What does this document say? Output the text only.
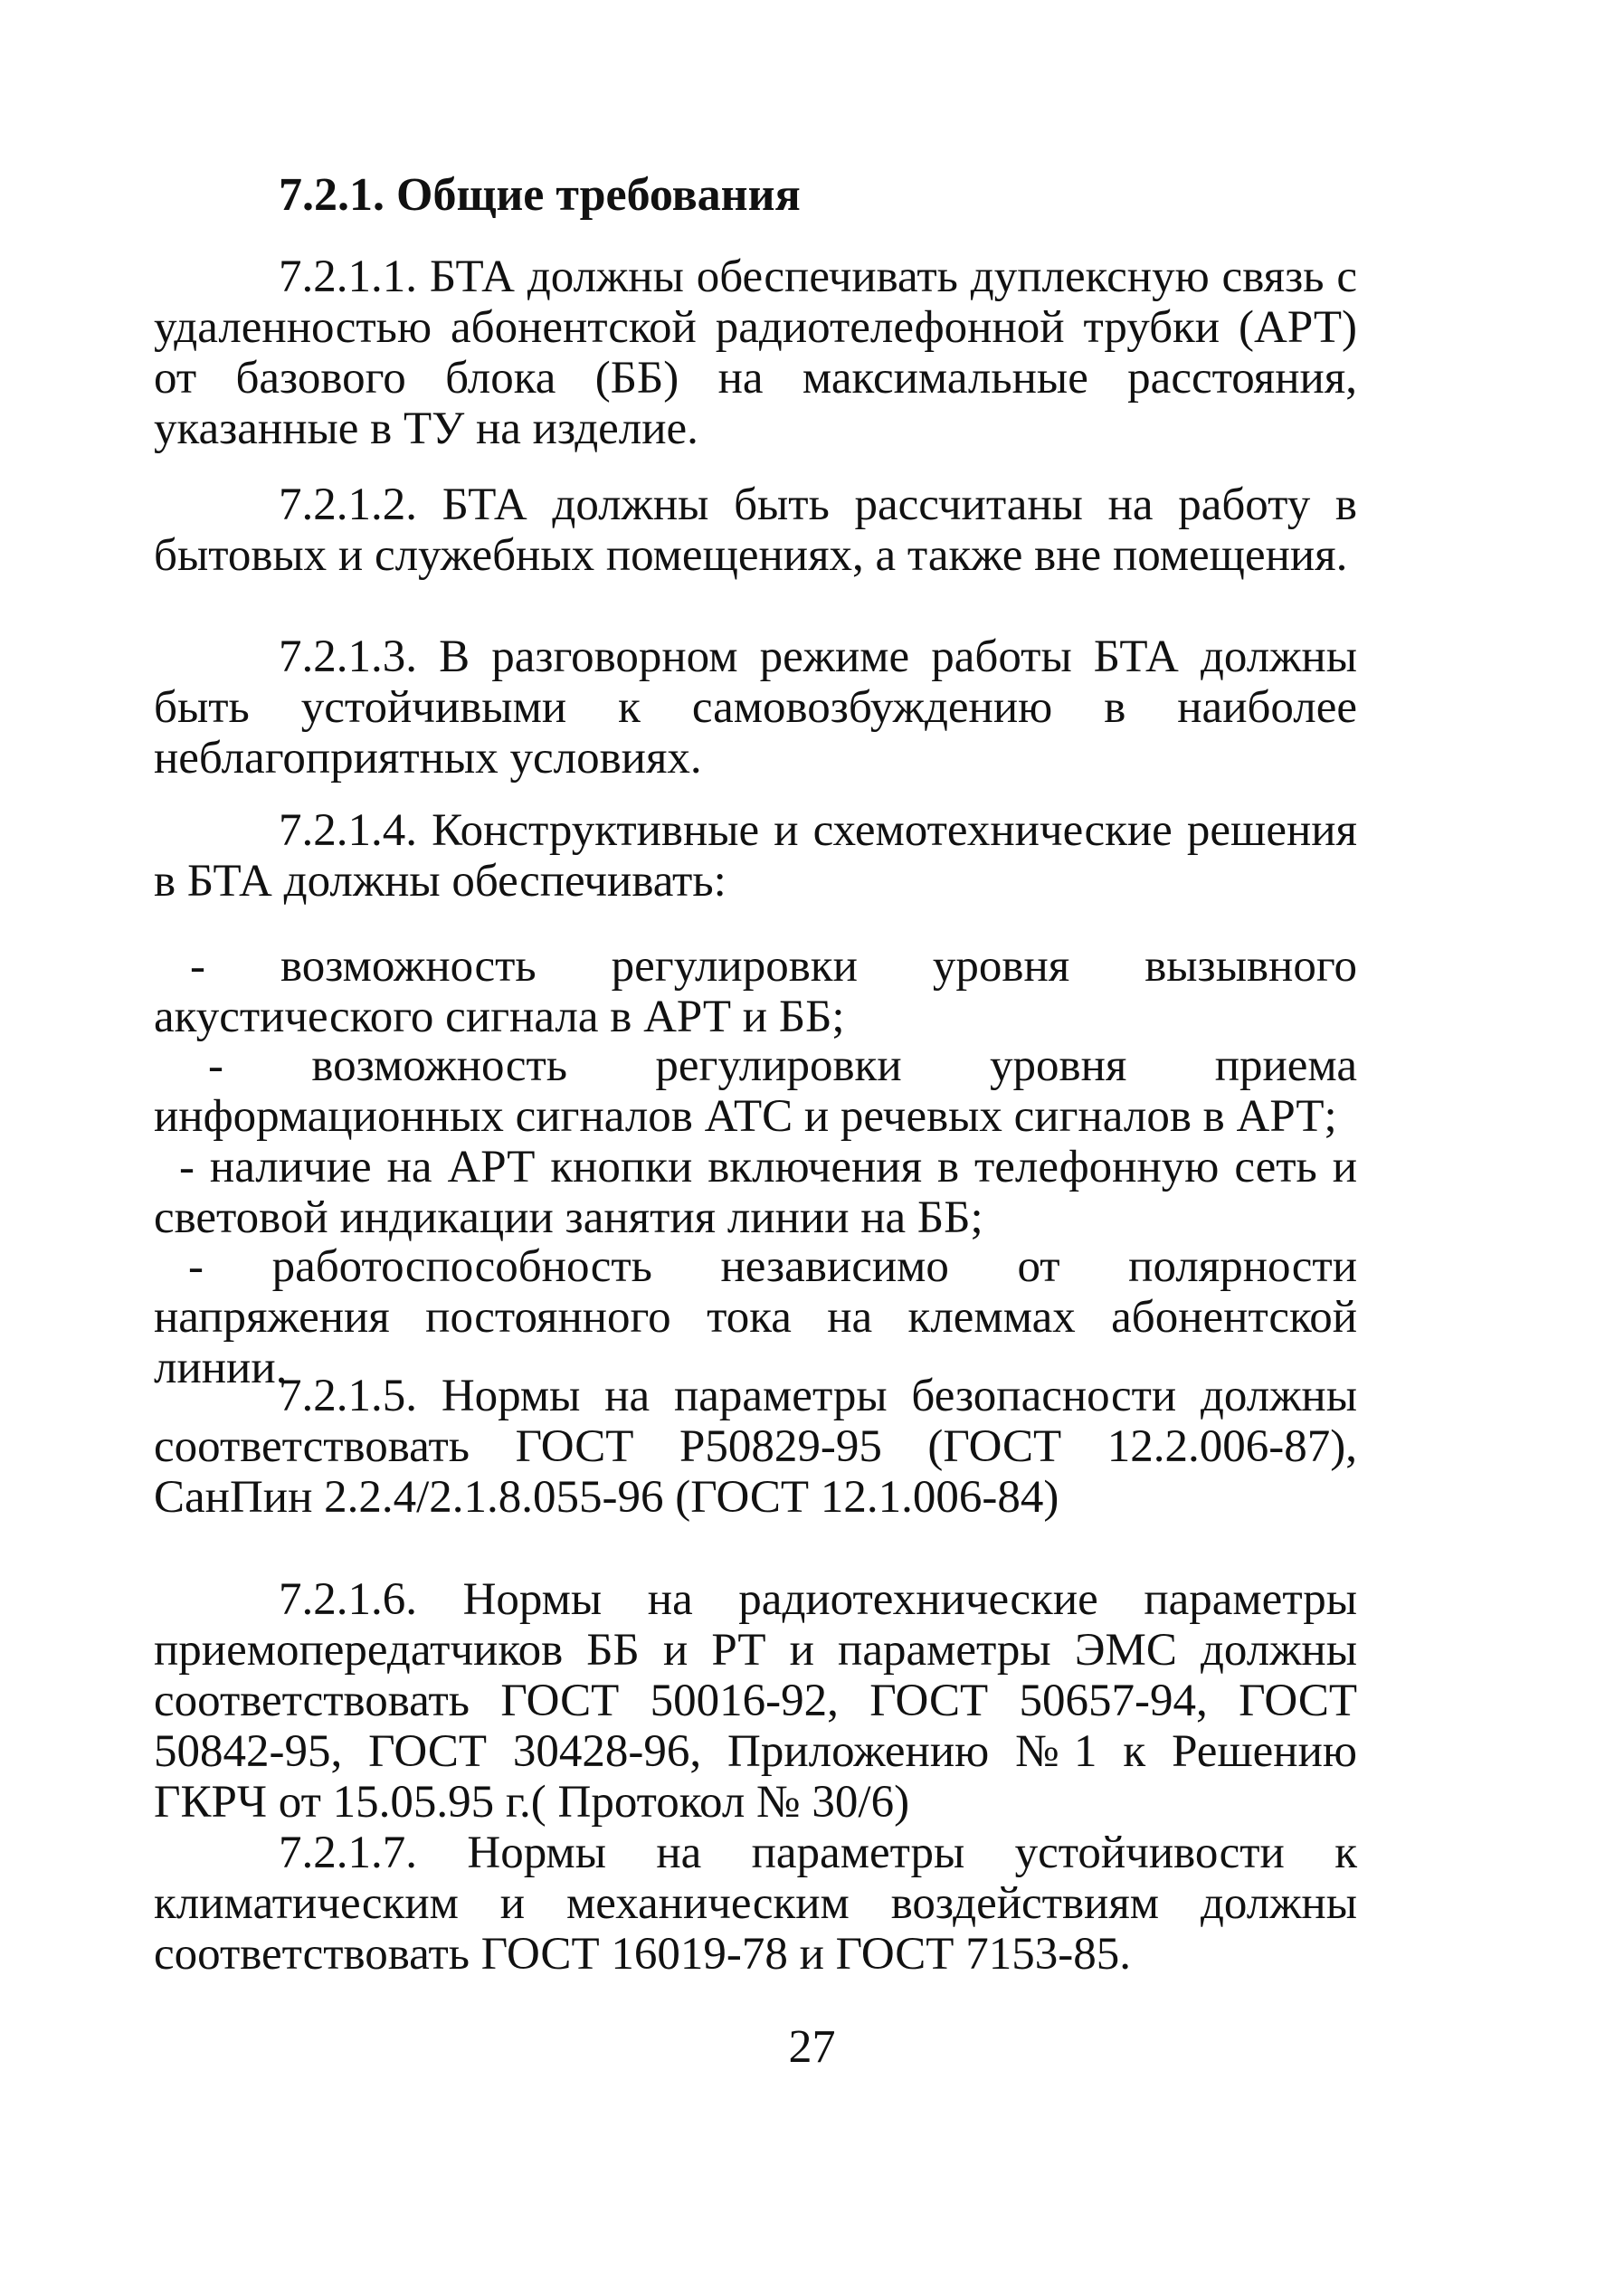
7.2.1. Общие требования

7.2.1.1. БТА должны обеспечивать дуплексную связь с удаленностью абонентской радиотелефонной трубки (АРТ) от базового блока (ББ) на максимальные расстояния, указанные в ТУ на изделие.

7.2.1.2. БТА должны быть рассчитаны на работу в бытовых и служебных помещениях, а также вне помещения.

7.2.1.3. В разговорном режиме работы БТА должны быть устойчивыми к самовозбуждению в наиболее неблагоприятных условиях.

7.2.1.4. Конструктивные и схемотехнические решения в БТА должны обеспечивать:

- возможность регулировки уровня вызывного акустического сигнала в АРТ и ББ;

- возможность регулировки уровня приема информационных сигналов АТС и речевых сигналов в АРТ;

- наличие на АРТ кнопки включения в телефонную сеть и световой индикации занятия линии на ББ;

- работоспособность независимо от полярности напряжения постоянного тока на клеммах абонентской линии.

7.2.1.5. Нормы на параметры безопасности должны соответствовать ГОСТ Р50829-95 (ГОСТ 12.2.006-87), СанПин 2.2.4/2.1.8.055-96 (ГОСТ 12.1.006-84)

7.2.1.6. Нормы на радиотехнические параметры приемопередатчиков ББ и РТ и параметры ЭМС должны соответствовать ГОСТ 50016-92, ГОСТ 50657-94, ГОСТ 50842-95, ГОСТ 30428-96, Приложению №1 к Решению ГКРЧ от 15.05.95 г.( Протокол № 30/6)

7.2.1.7. Нормы на параметры устойчивости к климатическим и механическим воздействиям должны соответствовать ГОСТ 16019-78 и ГОСТ 7153-85.

27
